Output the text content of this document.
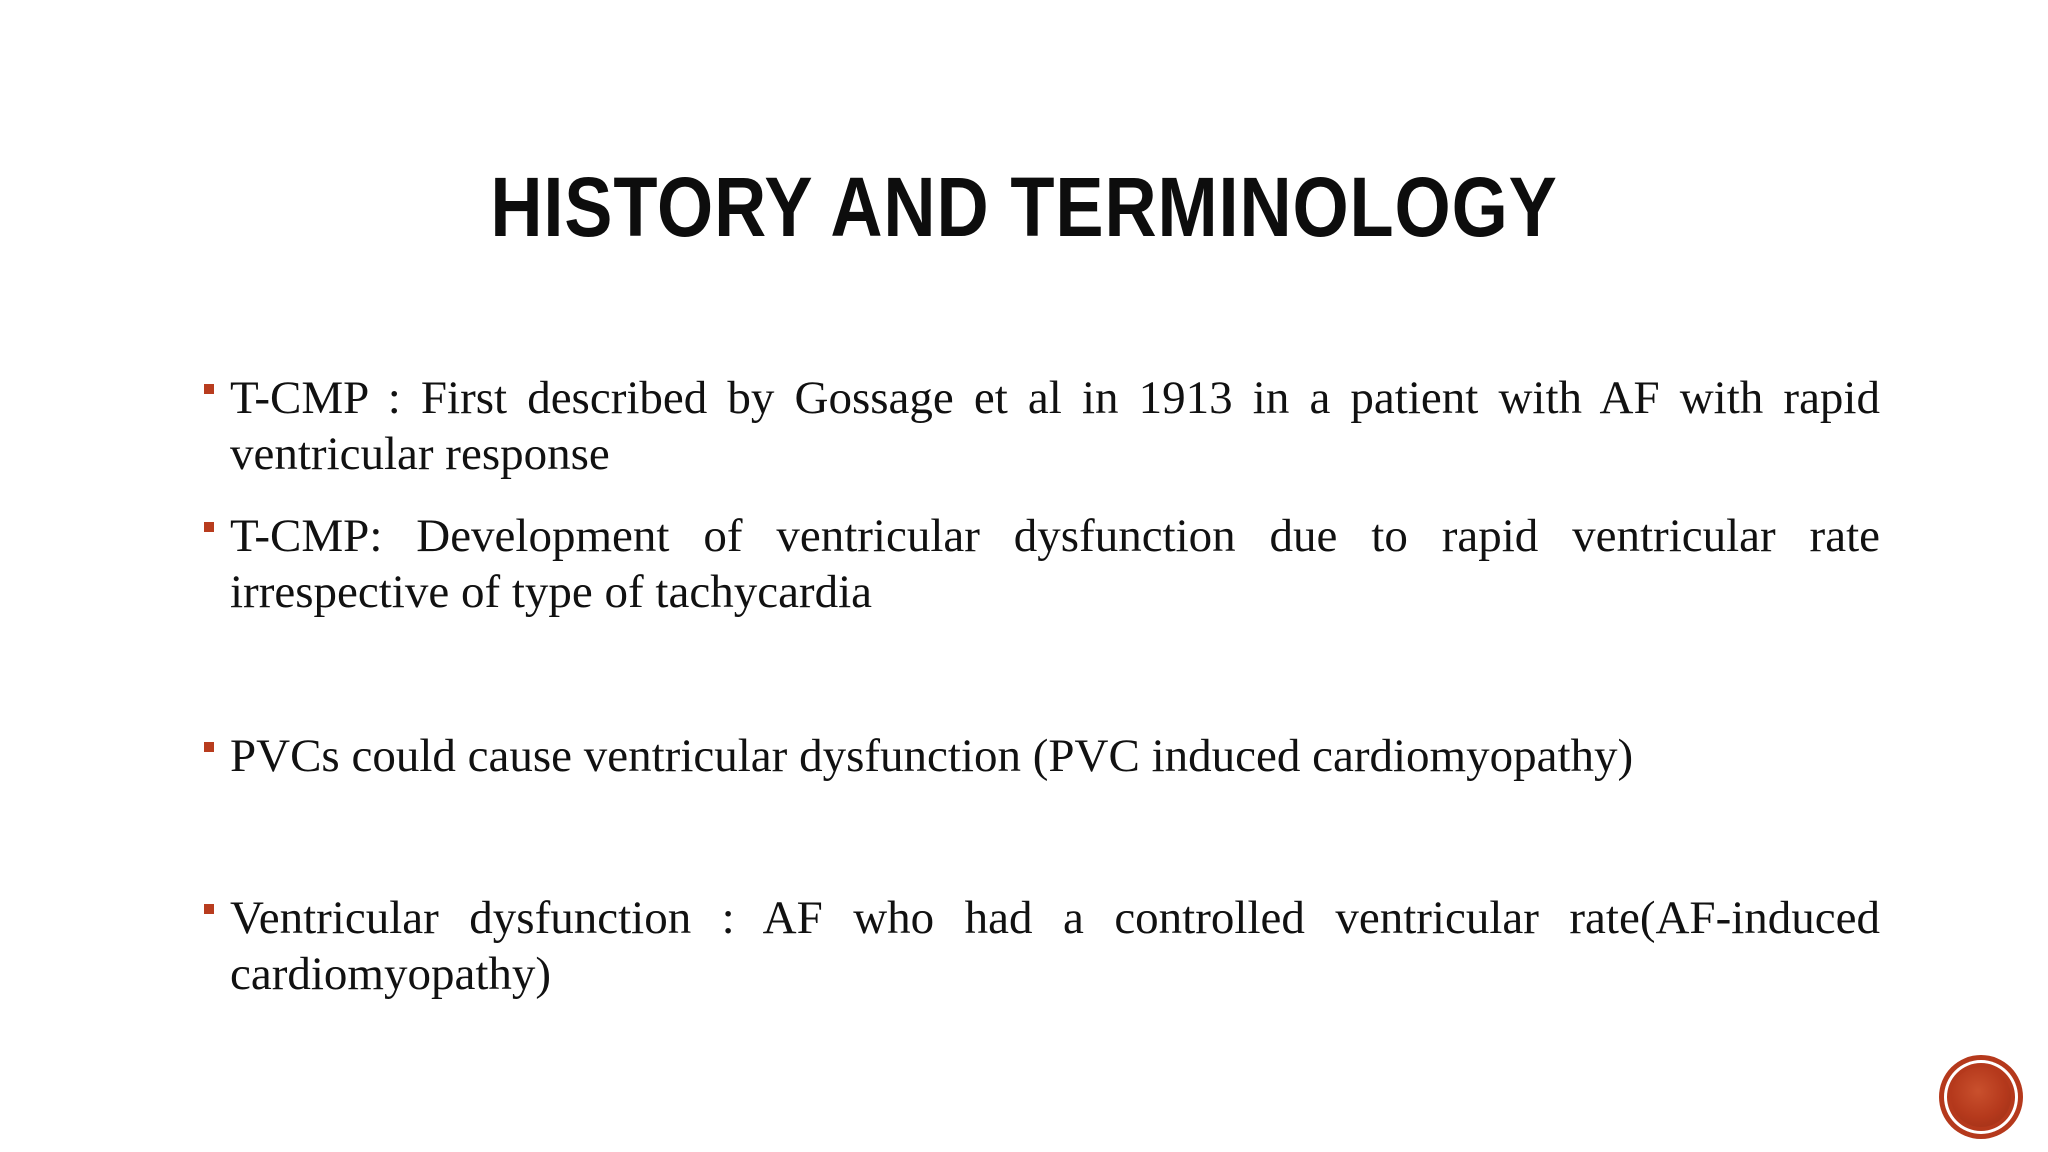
HISTORY AND TERMINOLOGY
T-CMP : First described by Gossage et al in 1913 in a patient with AF with rapid ventricular response
T-CMP: Development of ventricular dysfunction due to rapid ventricular rate irrespective of type of tachycardia
PVCs could cause ventricular dysfunction (PVC induced cardiomyopathy)
Ventricular dysfunction : AF who had a controlled ventricular rate(AF-induced cardiomyopathy)
